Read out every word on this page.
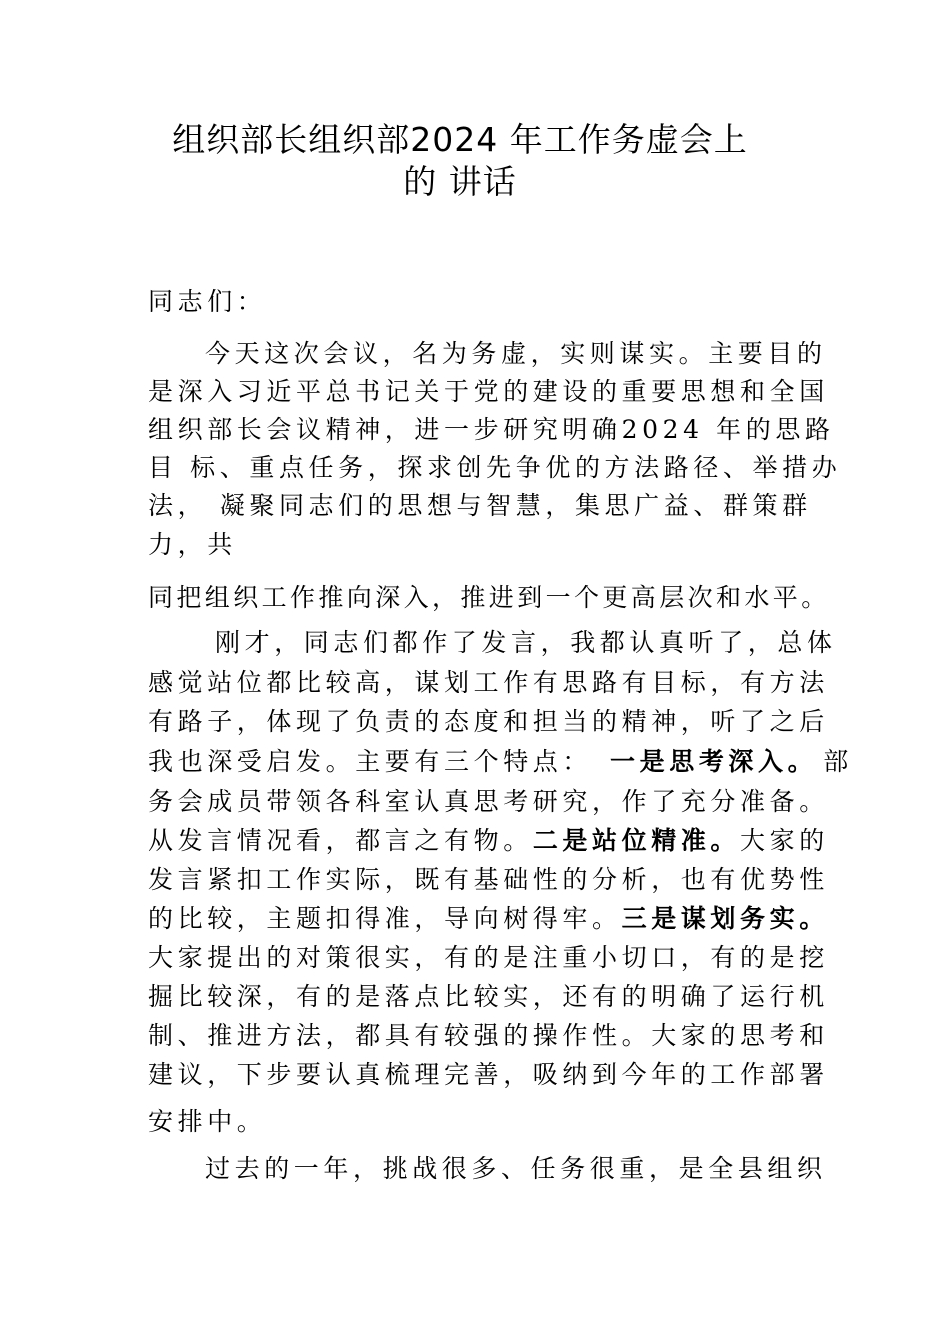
组织部长组织部2024 年工作务虚会上
的 讲话

同志们：

今天这次会议，名为务虚，实则谋实。主要目的

是深入习近平总书记关于党的建设的重要思想和全国

组织部长会议精神，进一步研究明确2024 年的思路

目 标、重点任务，探求创先争优的方法路径、举措办

法， 凝聚同志们的思想与智慧，集思广益、群策群

力，共

同把组织工作推向深入，推进到一个更高层次和水平。

刚才，同志们都作了发言，我都认真听了，总体

感觉站位都比较高，谋划工作有思路有目标，有方法

有路子，体现了负责的态度和担当的精神，听了之后

我也深受启发。主要有三个特点： 一是思考深入。 部

务会成员带领各科室认真思考研究，作了充分准备。

从发言情况看，都言之有物。二是站位精准。大家的

发言紧扣工作实际，既有基础性的分析，也有优势性

的比较，主题扣得准，导向树得牢。三是谋划务实。

大家提出的对策很实，有的是注重小切口，有的是挖

掘比较深，有的是落点比较实，还有的明确了运行机

制、推进方法，都具有较强的操作性。大家的思考和

建议，下步要认真梳理完善，吸纳到今年的工作部署

安排中。

过去的一年，挑战很多、任务很重，是全县组织
